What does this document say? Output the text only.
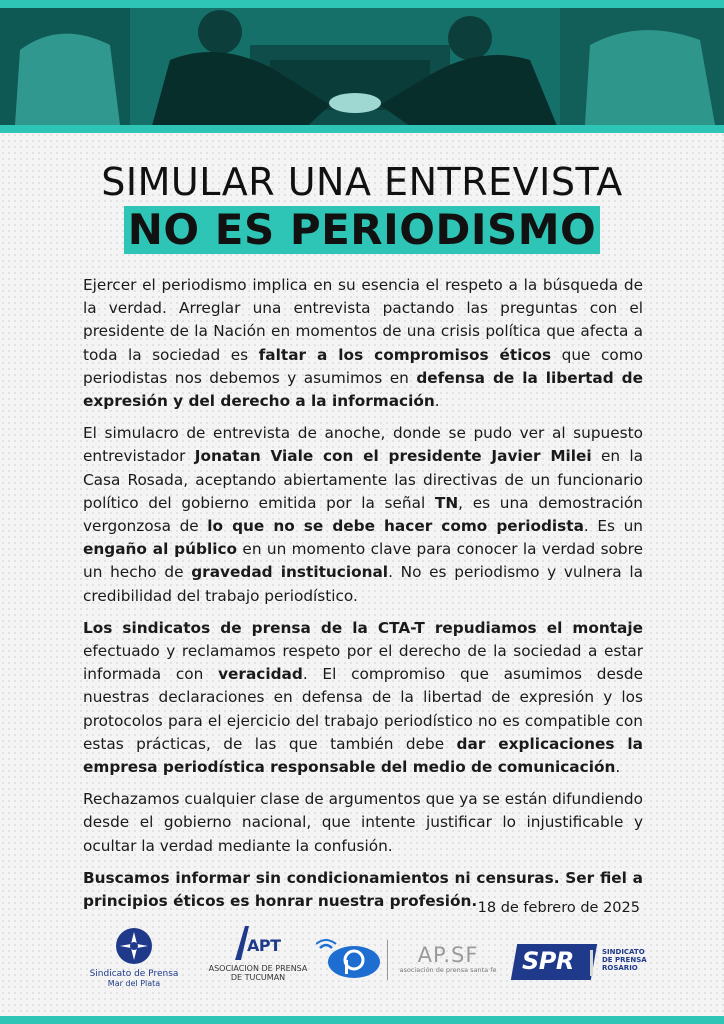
SIMULAR UNA ENTREVISTA
NO ES PERIODISMO

Ejercer el periodismo implica en su esencia el respeto a la búsqueda de la verdad. Arreglar una entrevista pactando las preguntas con el presidente de la Nación en momentos de una crisis política que afecta a toda la sociedad es faltar a los compromisos éticos que como periodistas nos debemos y asumimos en defensa de la libertad de expresión y del derecho a la información.

El simulacro de entrevista de anoche, donde se pudo ver al supuesto entrevistador Jonatan Viale con el presidente Javier Milei en la Casa Rosada, aceptando abiertamente las directivas de un funcionario político del gobierno emitida por la señal TN, es una demostración vergonzosa de lo que no se debe hacer como periodista. Es un engaño al público en un momento clave para conocer la verdad sobre un hecho de gravedad institucional. No es periodismo y vulnera la credibilidad del trabajo periodístico.

Los sindicatos de prensa de la CTA-T repudiamos el montaje efectuado y reclamamos respeto por el derecho de la sociedad a estar informada con veracidad. El compromiso que asumimos desde nuestras declaraciones en defensa de la libertad de expresión y los protocolos para el ejercicio del trabajo periodístico no es compatible con estas prácticas, de las que también debe dar explicaciones la empresa periodística responsable del medio de comunicación.

Rechazamos cualquier clase de argumentos que ya se están difundiendo desde el gobierno nacional, que intente justificar lo injustificable y ocultar la verdad mediante la confusión.

Buscamos informar sin condicionamientos ni censuras. Ser fiel a principios éticos es honrar nuestra profesión. 18 de febrero de 2025
Sindicato de Prensa
Mar del Plata
APT
ASOCIACION DE PRENSA
DE TUCUMAN
AP.SF
asociación de prensa santa fe SPR	SINDICATO
DE PRENSA
ROSARIO
